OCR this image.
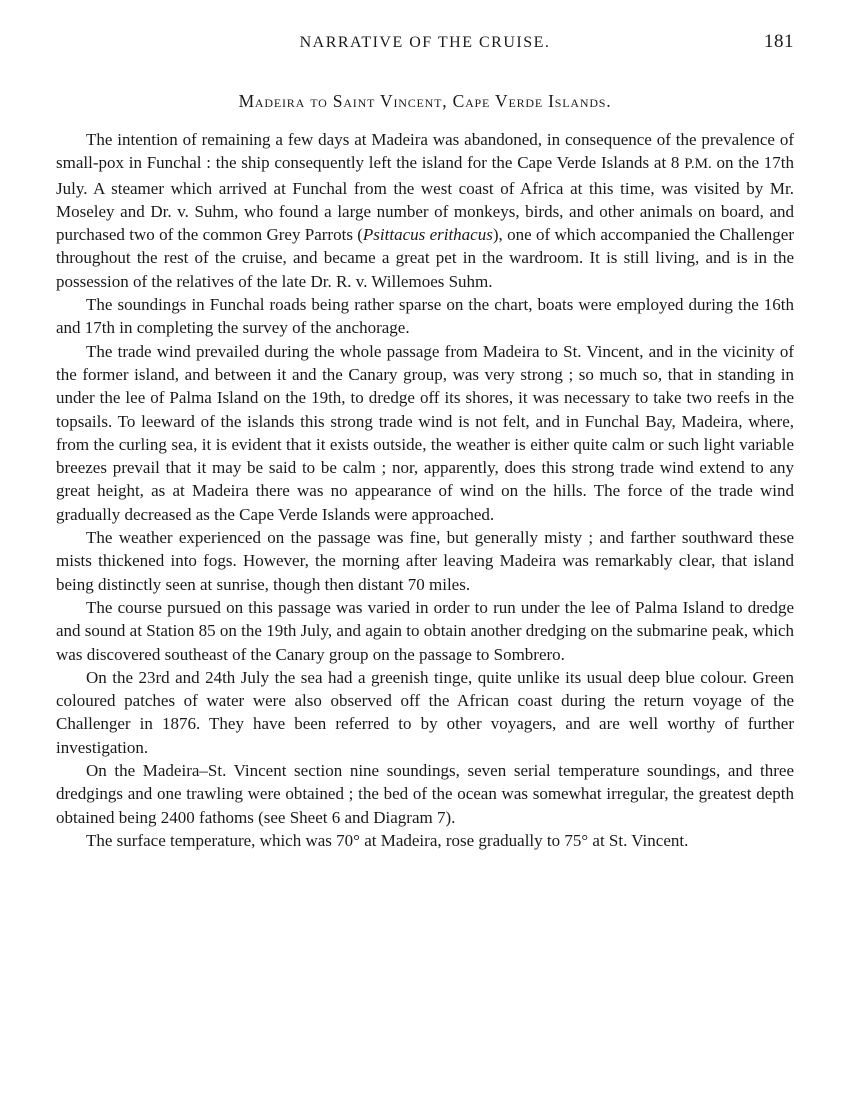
NARRATIVE OF THE CRUISE.	181
Madeira to Saint Vincent, Cape Verde Islands.

The intention of remaining a few days at Madeira was abandoned, in consequence of the prevalence of small-pox in Funchal : the ship consequently left the island for the Cape Verde Islands at 8 P.M. on the 17th July. A steamer which arrived at Funchal from the west coast of Africa at this time, was visited by Mr. Moseley and Dr. v. Suhm, who found a large number of monkeys, birds, and other animals on board, and purchased two of the common Grey Parrots (Psittacus erithacus), one of which accompanied the Challenger throughout the rest of the cruise, and became a great pet in the wardroom. It is still living, and is in the possession of the relatives of the late Dr. R. v. Willemoes Suhm.

The soundings in Funchal roads being rather sparse on the chart, boats were employed during the 16th and 17th in completing the survey of the anchorage.

The trade wind prevailed during the whole passage from Madeira to St. Vincent, and in the vicinity of the former island, and between it and the Canary group, was very strong ; so much so, that in standing in under the lee of Palma Island on the 19th, to dredge off its shores, it was necessary to take two reefs in the topsails. To leeward of the islands this strong trade wind is not felt, and in Funchal Bay, Madeira, where, from the curling sea, it is evident that it exists outside, the weather is either quite calm or such light variable breezes prevail that it may be said to be calm ; nor, apparently, does this strong trade wind extend to any great height, as at Madeira there was no appearance of wind on the hills. The force of the trade wind gradually decreased as the Cape Verde Islands were approached.

The weather experienced on the passage was fine, but generally misty ; and farther southward these mists thickened into fogs. However, the morning after leaving Madeira was remarkably clear, that island being distinctly seen at sunrise, though then distant 70 miles.

The course pursued on this passage was varied in order to run under the lee of Palma Island to dredge and sound at Station 85 on the 19th July, and again to obtain another dredging on the submarine peak, which was discovered southeast of the Canary group on the passage to Sombrero.

On the 23rd and 24th July the sea had a greenish tinge, quite unlike its usual deep blue colour. Green coloured patches of water were also observed off the African coast during the return voyage of the Challenger in 1876. They have been referred to by other voyagers, and are well worthy of further investigation.

On the Madeira–St. Vincent section nine soundings, seven serial temperature soundings, and three dredgings and one trawling were obtained ; the bed of the ocean was somewhat irregular, the greatest depth obtained being 2400 fathoms (see Sheet 6 and Diagram 7).

The surface temperature, which was 70° at Madeira, rose gradually to 75° at St. Vincent.
